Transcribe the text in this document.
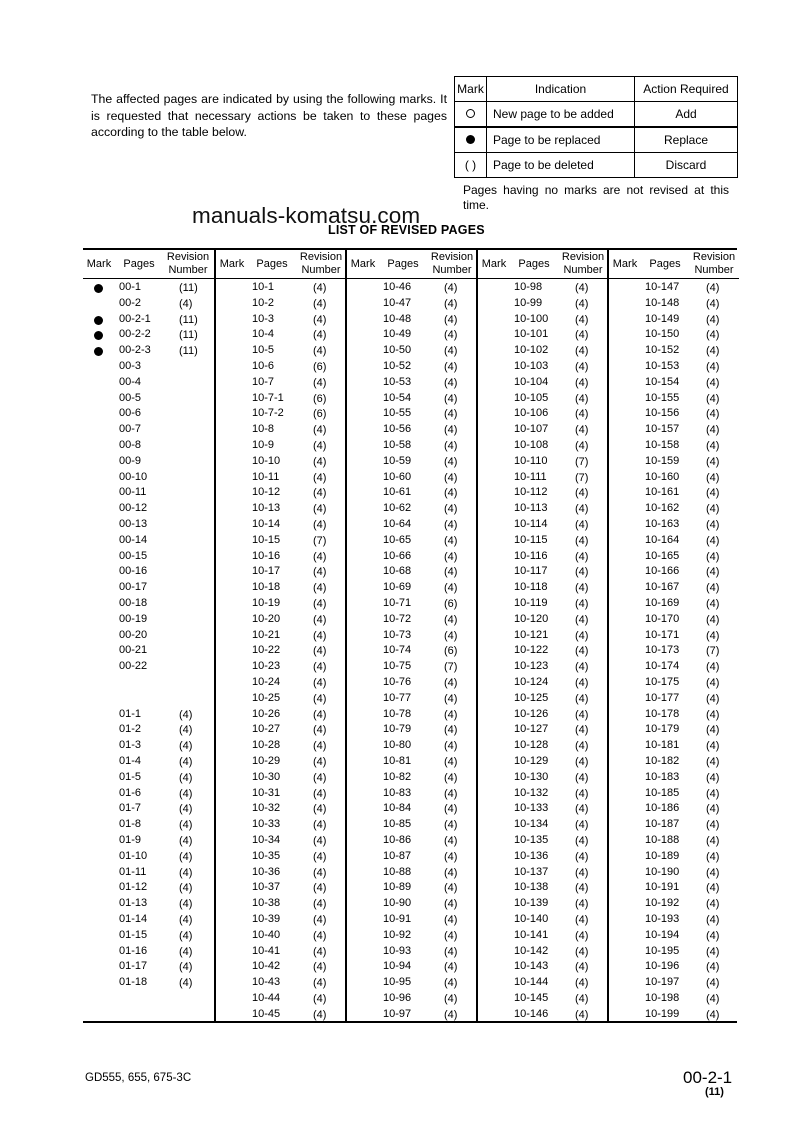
The affected pages are indicated by using the following marks. It is requested that necessary actions be taken to these pages according to the table below.

Mark	Indication	Action Required
	New page to be added	Add
	Page to be replaced	Replace
( )	Page to be deleted	Discard

Pages having no marks are not revised at this time.

manuals-komatsu.com
LIST OF REVISED PAGES
Mark	Pages
Revision
Number
00-1	(11)
00-2	(4)
00-2-1	(11)
00-2-2	(11)
00-2-3	(11)
00-3
00-4
00-5
00-6
00-7
00-8
00-9
00-10
00-11
00-12
00-13
00-14
00-15
00-16
00-17
00-18
00-19
00-20
00-21
00-22
01-1	(4)
01-2	(4)
01-3	(4)
01-4	(4)
01-5	(4)
01-6	(4)
01-7	(4)
01-8	(4)
01-9	(4)
01-10	(4)
01-11	(4)
01-12	(4)
01-13	(4)
01-14	(4)
01-15	(4)
01-16	(4)
01-17	(4)
01-18	(4)
Mark	Pages
Revision
Number
10-1	(4)
10-2	(4)
10-3	(4)
10-4	(4)
10-5	(4)
10-6	(6)
10-7	(4)
10-7-1	(6)
10-7-2	(6)
10-8	(4)
10-9	(4)
10-10	(4)
10-11	(4)
10-12	(4)
10-13	(4)
10-14	(4)
10-15	(7)
10-16	(4)
10-17	(4)
10-18	(4)
10-19	(4)
10-20	(4)
10-21	(4)
10-22	(4)
10-23	(4)
10-24	(4)
10-25	(4)
10-26	(4)
10-27	(4)
10-28	(4)
10-29	(4)
10-30	(4)
10-31	(4)
10-32	(4)
10-33	(4)
10-34	(4)
10-35	(4)
10-36	(4)
10-37	(4)
10-38	(4)
10-39	(4)
10-40	(4)
10-41	(4)
10-42	(4)
10-43	(4)
10-44	(4)
10-45	(4)
Mark	Pages
Revision
Number
10-46	(4)
10-47	(4)
10-48	(4)
10-49	(4)
10-50	(4)
10-52	(4)
10-53	(4)
10-54	(4)
10-55	(4)
10-56	(4)
10-58	(4)
10-59	(4)
10-60	(4)
10-61	(4)
10-62	(4)
10-64	(4)
10-65	(4)
10-66	(4)
10-68	(4)
10-69	(4)
10-71	(6)
10-72	(4)
10-73	(4)
10-74	(6)
10-75	(7)
10-76	(4)
10-77	(4)
10-78	(4)
10-79	(4)
10-80	(4)
10-81	(4)
10-82	(4)
10-83	(4)
10-84	(4)
10-85	(4)
10-86	(4)
10-87	(4)
10-88	(4)
10-89	(4)
10-90	(4)
10-91	(4)
10-92	(4)
10-93	(4)
10-94	(4)
10-95	(4)
10-96	(4)
10-97	(4)
Mark	Pages
Revision
Number
10-98	(4)
10-99	(4)
10-100 (4)
10-101 (4)
10-102 (4)
10-103 (4)
10-104 (4)
10-105 (4)
10-106 (4)
10-107 (4)
10-108 (4)
10-110	(7)
10-111	(7)
10-112	(4)
10-113	(4)
10-114	(4)
10-115	(4)
10-116	(4)
10-117	(4)
10-118	(4)
10-119	(4)
10-120 (4)
10-121 (4)
10-122 (4)
10-123 (4)
10-124 (4)
10-125 (4)
10-126 (4)
10-127 (4)
10-128 (4)
10-129 (4)
10-130 (4)
10-132 (4)
10-133 (4)
10-134 (4)
10-135 (4)
10-136 (4)
10-137 (4)
10-138 (4)
10-139 (4)
10-140 (4)
10-141 (4)
10-142 (4)
10-143 (4)
10-144 (4)
10-145 (4)
10-146 (4)
Mark	Pages
Revision
Number
10-147 (4)
10-148 (4)
10-149 (4)
10-150 (4)
10-152 (4)
10-153 (4)
10-154 (4)
10-155 (4)
10-156 (4)
10-157 (4)
10-158 (4)
10-159 (4)
10-160 (4)
10-161 (4)
10-162 (4)
10-163 (4)
10-164 (4)
10-165 (4)
10-166 (4)
10-167 (4)
10-169 (4)
10-170 (4)
10-171 (4)
10-173 (7)
10-174 (4)
10-175 (4)
10-177 (4)
10-178 (4)
10-179 (4)
10-181 (4)
10-182 (4)
10-183 (4)
10-185 (4)
10-186 (4)
10-187 (4)
10-188 (4)
10-189 (4)
10-190 (4)
10-191 (4)
10-192 (4)
10-193 (4)
10-194 (4)
10-195 (4)
10-196 (4)
10-197 (4)
10-198 (4)
10-199 (4)
GD555, 655, 675-3C	00-2-1
(11)
